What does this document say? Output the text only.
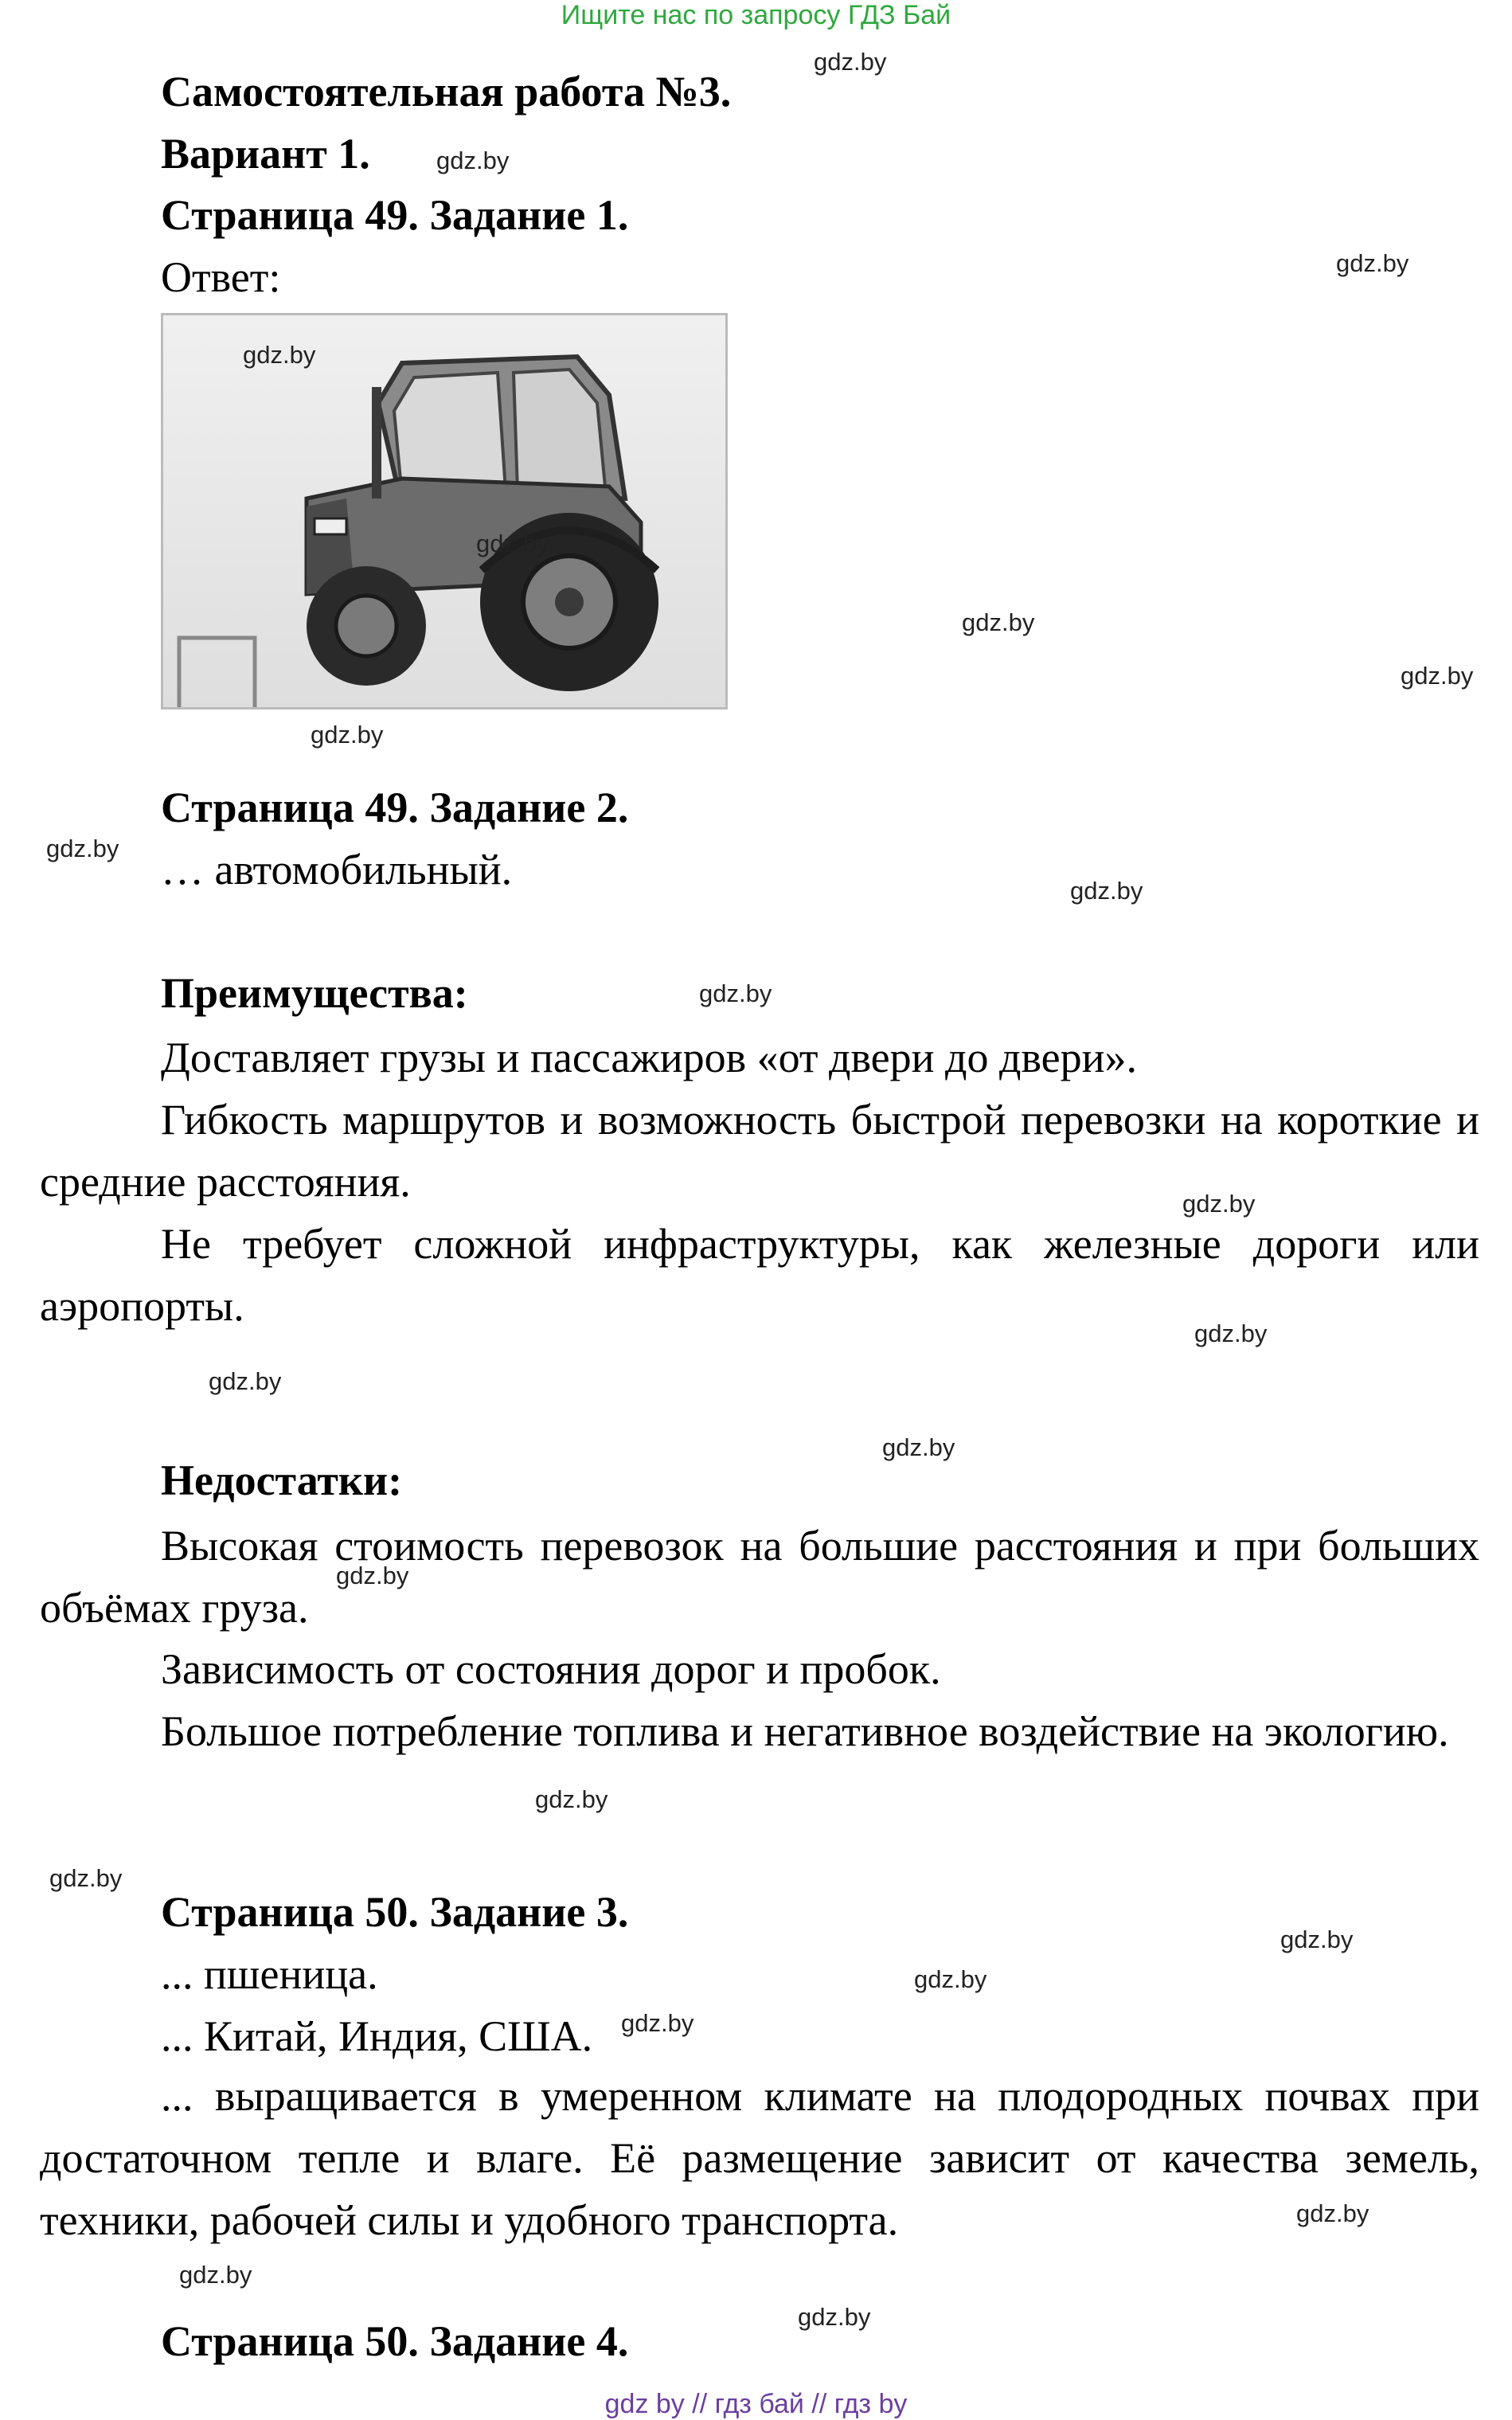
Ищите нас по запросу ГДЗ Бай
Самостоятельная работа №3.
Вариант 1.
Страница 49. Задание 1.
Ответ:
Страница 49. Задание 2.
… автомобильный.
Преимущества:
Доставляет грузы и пассажиров «от двери до двери».
Гибкость маршрутов и возможность быстрой перевозки на короткие и средние расстояния.
Не требует сложной инфраструктуры, как железные дороги или аэропорты.
Недостатки:
Высокая стоимость перевозок на большие расстояния и при больших объёмах груза.
Зависимость от состояния дорог и пробок.
Большое потребление топлива и негативное воздействие на экологию.
Страница 50. Задание 3.
... пшеница.
... Китай, Индия, США.
... выращивается в умеренном климате на плодородных почвах при достаточном тепле и влаге. Её размещение зависит от качества земель, техники, рабочей силы и удобного транспорта.
Страница 50. Задание 4.
gdz.by
gdz.by
gdz.by
gdz.by
gdz.by
gdz.by
gdz.by
gdz.by
gdz.by
gdz.by
gdz.by
gdz.by
gdz.by
gdz.by
gdz.by
gdz.by
gdz.by
gdz.by
gdz.by
gdz.by
gdz.by
gdz.by
gdz.by
gdz.by
gdz by // гдз бай // гдз by
